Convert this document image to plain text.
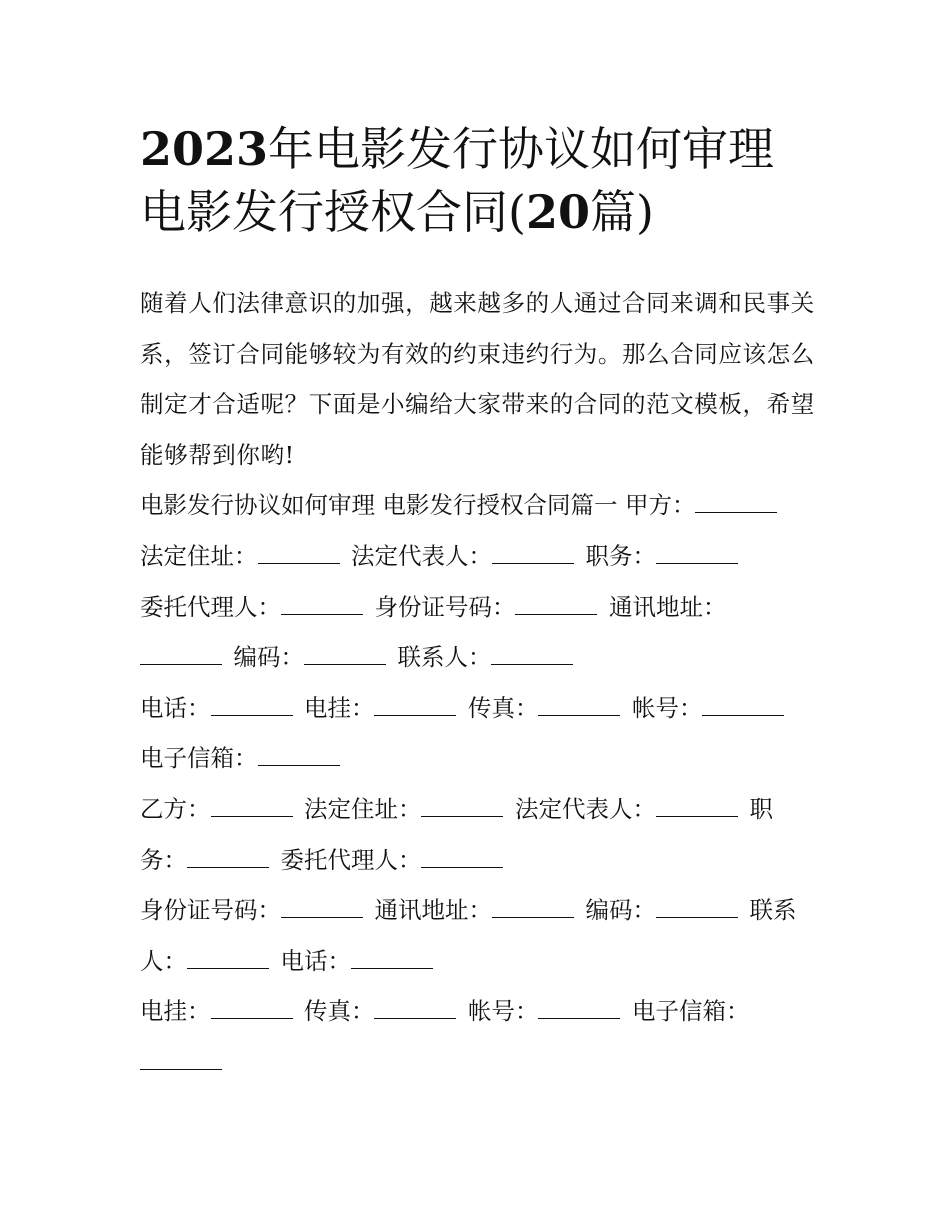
2023年电影发行协议如何审理
电影发行授权合同(20篇)

随着人们法律意识的加强，越来越多的人通过合同来调和民事关系，签订合同能够较为有效的约束违约行为。那么合同应该怎么制定才合适呢？下面是小编给大家带来的合同的范文模板，希望能够帮到你哟!

电影发行协议如何审理 电影发行授权合同篇一 甲方：
法定住址：	法定代表人：	职务：
委托代理人：	身份证号码：	通讯地址：
编码：	联系人：

电话：	电挂：	传真：	帐号：
电子信箱：

乙方：	法定住址：	法定代表人：	职
务：	委托代理人：

身份证号码：	通讯地址：	编码：	联系
人：	电话：

电挂：	传真：	帐号：	电子信箱：
